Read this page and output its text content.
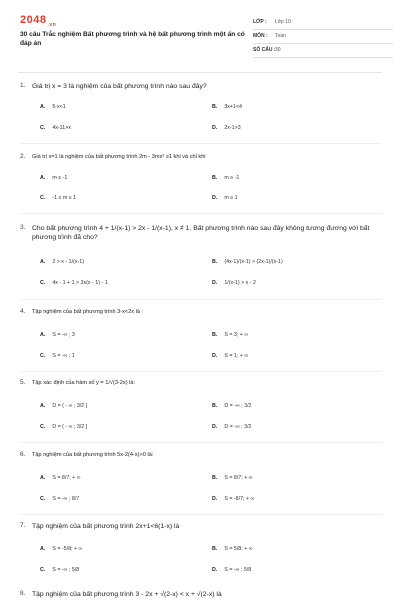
$2048_{.vn}$
30 câu Trắc nghiệm Bất phương trình và hệ bất phương trình một ẩn có đáp án
LỚP : Lớp 10
MÔN : Toán
SỐ CÂU : 30
1. Giá trị x = 3 là nghiệm của bất phương trình nào sau đây?
A. 5-x<1	B. 3x+1<4
C. 4x-11>x	D. 2x-1>3
2. Giá trị x=1 là nghiệm của bất phương trình 2m - 3mx² ≥1 khi và chỉ khi
A. m ≤ -1	B. m ≥ -1
C. -1 ≤ m ≤ 1	D. m ≥ 1
3. Cho bất phương trình 4 + 1/(x-1) > 2x - 1/(x-1), x ≠ 1. Bất phương trình nào sau đây không tương đương với bất phương trình đã cho?
A. 2 > x - 1/(x-1)	B. (4x-1)/(x-1) > (2x-1)/(x-1)
C. 4x - 1 + 1 > 2x(x - 1) - 1	D. 1/(x-1) > x - 2
4. Tập nghiệm của bất phương trình 3-x<2x là :
A. S = -∞ ; 3	B. S = 3; + ∞
C. S = -∞ ; 1	D. S = 1; + ∞
5. Tập xác định của hàm số y = 1/√(3-2x) là:
A. D = ( - ∞ ; 3/2 ]	B. D = -∞ ; 3/2
C. D = ( - ∞ ; 3/2 ]	D. D = -∞ ; 3/2
6. Tập nghiệm của bất phương trình 5x-2(4-x)>0 là:
A. S = 8/7; + ∞	B. S = 8/7; + ∞
C. S = -∞ ; 8/7	D. S = -8/7; + ∞
7. Tập nghiệm của bất phương trình 2x+1<6(1-x) là
A. S = -5/8; + ∞	B. S = 5/8; + ∞
C. S = -∞ ; 5/8	D. S = -∞ ; 5/8
8. Tập nghiệm của bất phương trình 3 - 2x + √(2-x) < x + √(2-x) là
